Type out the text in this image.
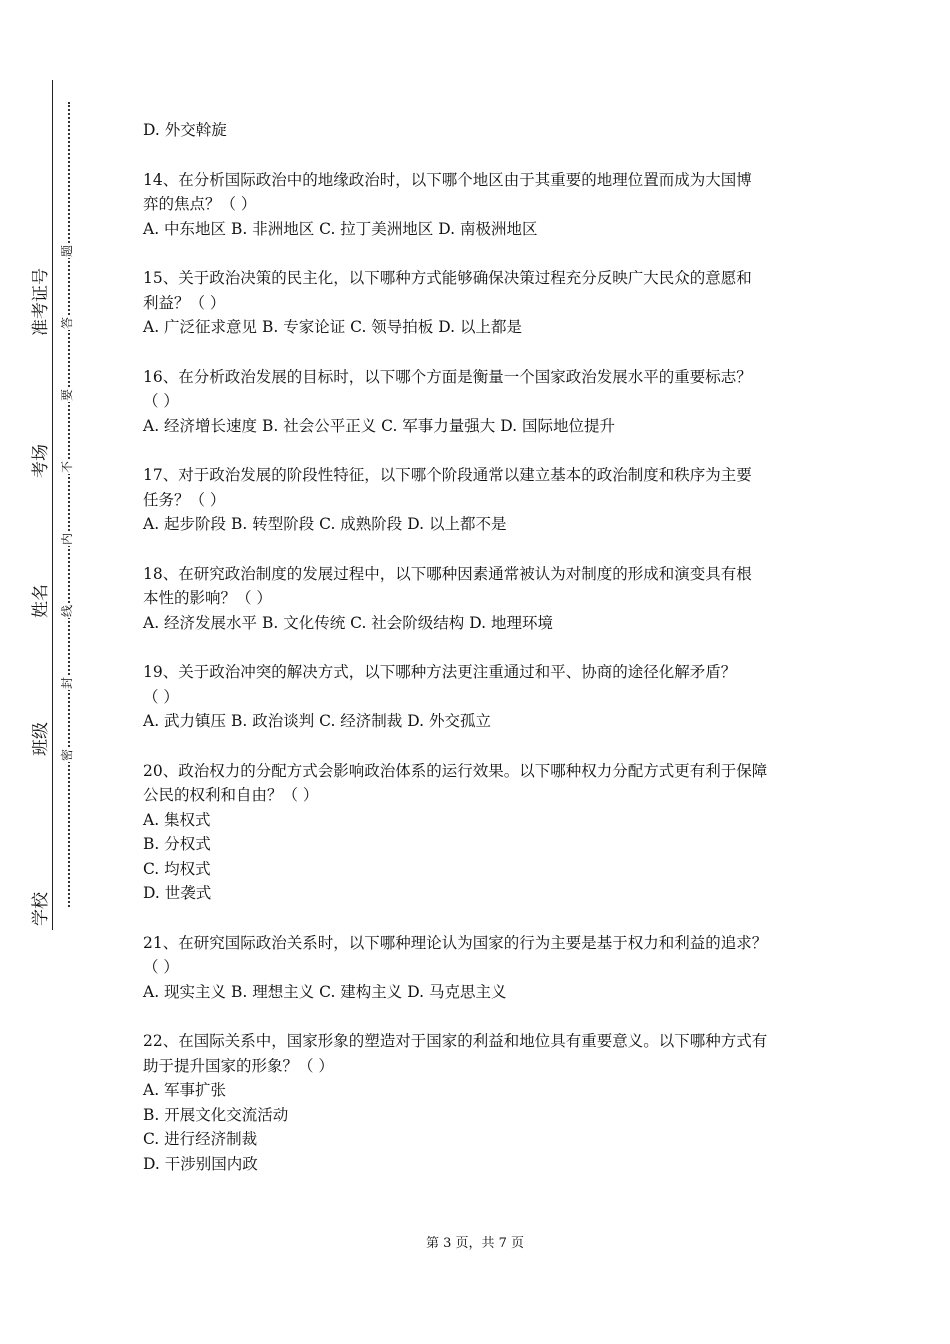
准考证号
考场
姓名
班级
学校
题
答
要
不
内
线
封
密
D. 外交斡旋
14、在分析国际政治中的地缘政治时，以下哪个地区由于其重要的地理位置而成为大国博
弈的焦点？（ ）
A. 中东地区 B. 非洲地区 C. 拉丁美洲地区 D. 南极洲地区
15、关于政治决策的民主化，以下哪种方式能够确保决策过程充分反映广大民众的意愿和
利益？（ ）
A. 广泛征求意见 B. 专家论证 C. 领导拍板 D. 以上都是
16、在分析政治发展的目标时，以下哪个方面是衡量一个国家政治发展水平的重要标志？
（ ）
A. 经济增长速度 B. 社会公平正义 C. 军事力量强大 D. 国际地位提升
17、对于政治发展的阶段性特征，以下哪个阶段通常以建立基本的政治制度和秩序为主要
任务？（ ）
A. 起步阶段 B. 转型阶段 C. 成熟阶段 D. 以上都不是
18、在研究政治制度的发展过程中，以下哪种因素通常被认为对制度的形成和演变具有根
本性的影响？（ ）
A. 经济发展水平 B. 文化传统 C. 社会阶级结构 D. 地理环境
19、关于政治冲突的解决方式，以下哪种方法更注重通过和平、协商的途径化解矛盾？
（ ）
A. 武力镇压 B. 政治谈判 C. 经济制裁 D. 外交孤立
20、政治权力的分配方式会影响政治体系的运行效果。以下哪种权力分配方式更有利于保障
公民的权利和自由？（ ）
A. 集权式
B. 分权式
C. 均权式
D. 世袭式
21、在研究国际政治关系时，以下哪种理论认为国家的行为主要是基于权力和利益的追求？
（ ）
A. 现实主义 B. 理想主义 C. 建构主义 D. 马克思主义
22、在国际关系中，国家形象的塑造对于国家的利益和地位具有重要意义。以下哪种方式有
助于提升国家的形象？（ ）
A. 军事扩张
B. 开展文化交流活动
C. 进行经济制裁
D. 干涉别国内政
第 3 页，共 7 页
